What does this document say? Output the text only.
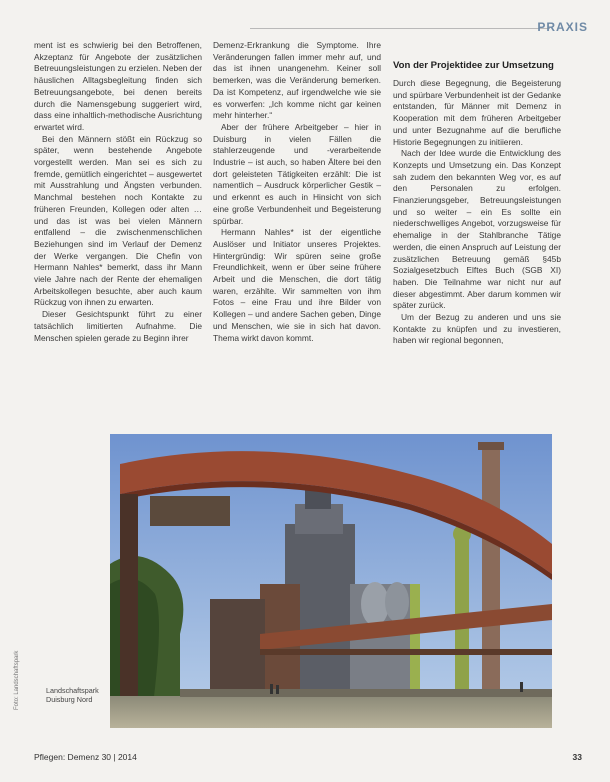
PRAXIS

ment ist es schwierig bei den Betroffenen, Akzeptanz für Angebote der zusätzlichen Betreuungsleistungen zu erzielen. Neben der häuslichen Alltagsbegleitung finden sich Betreuungsangebote, bei denen bereits durch die Namensgebung suggeriert wird, dass eine inhaltlich-methodische Ausrichtung erwartet wird.

Bei den Männern stößt ein Rückzug so später, wenn bestehende Angebote vorgestellt werden. Man sei es sich zu fremde, gemütlich eingerichtet – ausgewertet mit Ausstrahlung und Ängsten verbunden. Manchmal bestehen noch Kontakte zu früheren Freunden, Kollegen oder alten … und das ist was bei vielen Männern entfallend – die zwischenmenschlichen Beziehungen sind im Verlauf der Demenz der Werke vergangen. Die Chefin von Hermann Nahles* bemerkt, dass ihr Mann viele Jahre nach der Rente der ehemaligen Arbeitskollegen besuchte, aber auch kaum Rückzug von ihnen zu erwarten.

Dieser Gesichtspunkt führt zu einer tatsächlich limitierten Aufnahme. Die Menschen spielen gerade zu Beginn ihrer

Demenz-Erkrankung die Symptome. Ihre Veränderungen fallen immer mehr auf, und das ist ihnen unangenehm. Keiner soll bemerken, was die Veränderung bemerken. Da ist Kompetenz, auf irgendwelche wie sie es vorwerfen: „Ich komme nicht gar keinen mehr hinterher.“

Aber der frühere Arbeitgeber – hier in Duisburg in vielen Fällen die stahlerzeugende und -verarbeitende Industrie – ist auch, so haben Ältere bei den dort geleisteten Tätigkeiten erzählt: Die ist namentlich – Ausdruck körperlicher Gestik – und erkennt es auch in Hinsicht von sich eine große Verbundenheit und Begeisterung spürbar.

Hermann Nahles* ist der eigentliche Auslöser und Initiator unseres Projektes. Hintergründig: Wir spüren seine große Freundlichkeit, wenn er über seine frühere Arbeit und die Menschen, die dort tätig waren, erzählte. Wir sammelten von ihm Fotos – eine Frau und ihre Bilder von Kollegen – und andere Sachen geben, Dinge und Menschen, wie sie in sich hat davon. Thema wirkt davon kommt.

Von der Projektidee zur Umsetzung

Durch diese Begegnung, die Begeisterung und spürbare Verbundenheit ist der Gedanke entstanden, für Männer mit Demenz in Kooperation mit dem früheren Arbeitgeber und unter Bezugnahme auf die berufliche Historie Begegnungen zu initiieren.

Nach der Idee wurde die Entwicklung des Konzepts und Umsetzung ein. Das Konzept sah zudem den bekannten Weg vor, es auf den Personalen zu erfolgen. Finanzierungsgeber, Betreuungsleistungen und so weiter – ein Es sollte ein niederschwelliges Angebot, vorzugsweise für ehemalige in der Stahlbranche Tätige werden, die einen Anspruch auf Leistung der zusätzlichen Betreuung gemäß §45b Sozialgesetzbuch Elftes Buch (SGB XI) haben. Die Teilnahme war nicht nur auf dieser abgestimmt. Aber darum kommen wir später zurück.

Um der Bezug zu anderen und uns sie Kontakte zu knüpfen und zu investieren, haben wir regional begonnen,

Landschaftspark Duisburg Nord
Foto: Landschaftspark
Pflegen: Demenz 30 | 2014	33
